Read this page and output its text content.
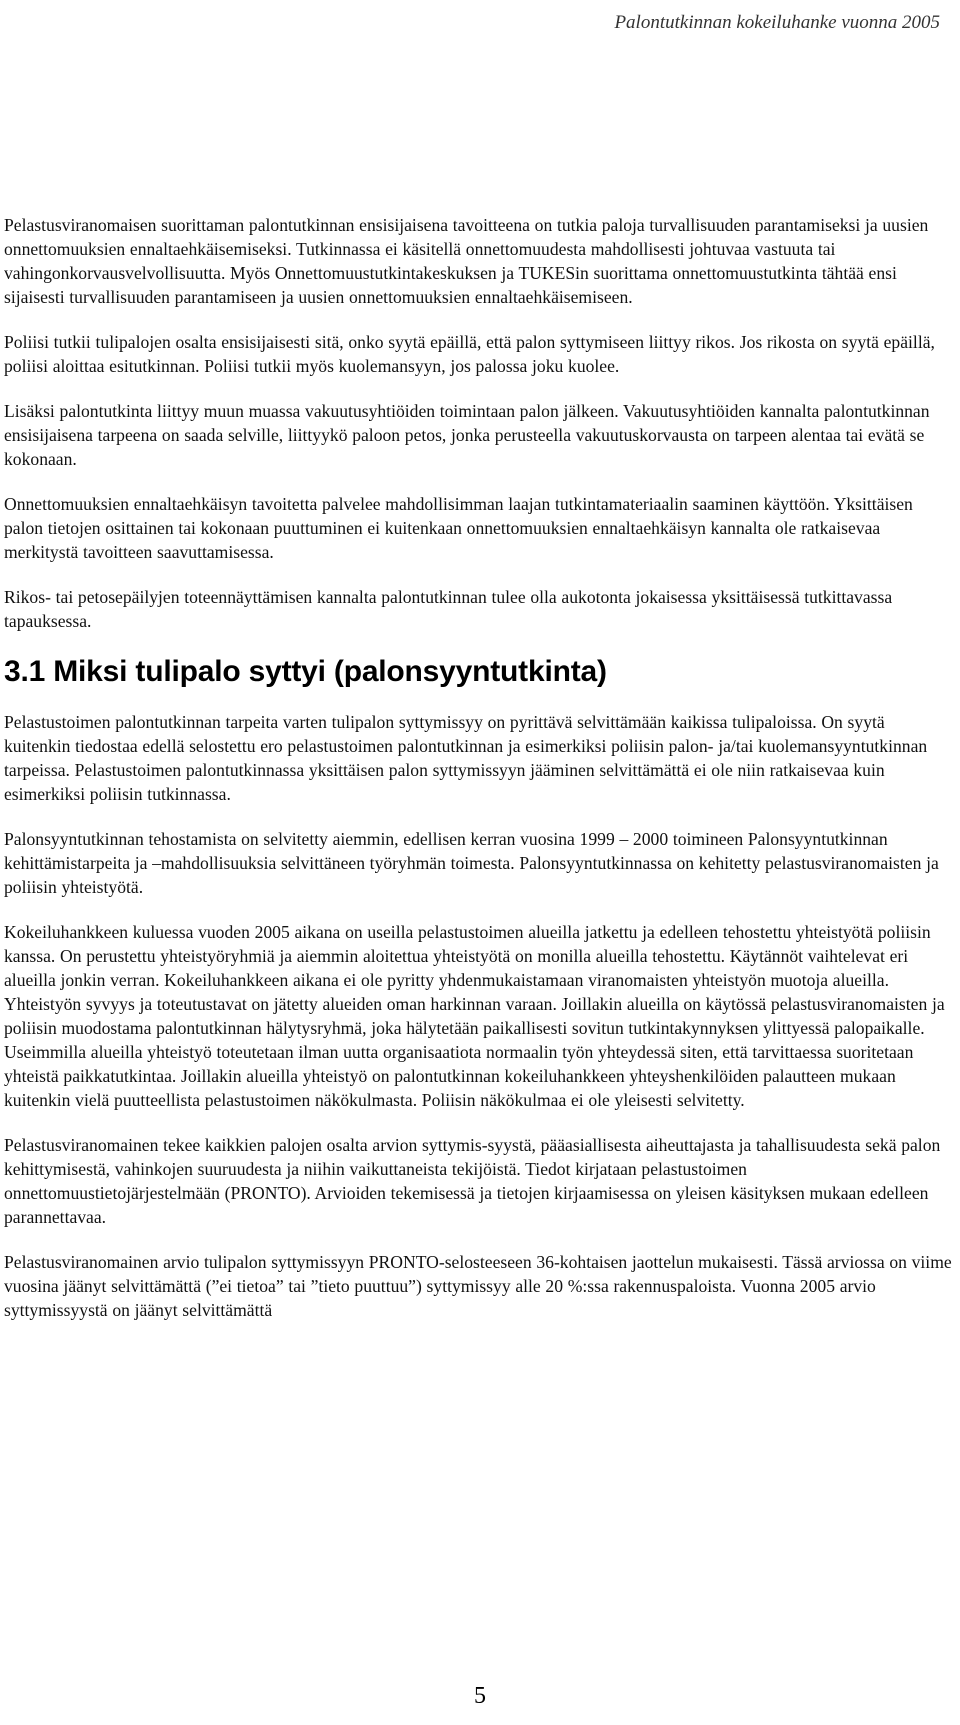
Palontutkinnan kokeiluhanke vuonna 2005

Pelastusviranomaisen suorittaman palontutkinnan ensisijaisena tavoitteena on tutkia paloja turvallisuuden parantamiseksi ja uusien onnettomuuksien ennaltaehkäisemiseksi. Tutkinnassa ei käsitellä onnettomuudesta mahdollisesti johtuvaa vastuuta tai vahingonkorvausvelvollisuutta. Myös Onnettomuustutkintakeskuksen ja TUKESin suorittama onnettomuustutkinta tähtää ensi sijaisesti turvallisuuden parantamiseen ja uusien onnettomuuksien ennaltaehkäisemiseen.

Poliisi tutkii tulipalojen osalta ensisijaisesti sitä, onko syytä epäillä, että palon syttymiseen liittyy rikos. Jos rikosta on syytä epäillä, poliisi aloittaa esitutkinnan. Poliisi tutkii myös kuolemansyyn, jos palossa joku kuolee.

Lisäksi palontutkinta liittyy muun muassa vakuutusyhtiöiden toimintaan palon jälkeen. Vakuutusyhtiöiden kannalta palontutkinnan ensisijaisena tarpeena on saada selville, liittyykö paloon petos, jonka perusteella vakuutuskorvausta on tarpeen alentaa tai evätä se kokonaan.

Onnettomuuksien ennaltaehkäisyn tavoitetta palvelee mahdollisimman laajan tutkintamateriaalin saaminen käyttöön. Yksittäisen palon tietojen osittainen tai kokonaan puuttuminen ei kuitenkaan onnettomuuksien ennaltaehkäisyn kannalta ole ratkaisevaa merkitystä tavoitteen saavuttamisessa.

Rikos- tai petosepäilyjen toteennäyttämisen kannalta palontutkinnan tulee olla aukotonta jokaisessa yksittäisessä tutkittavassa tapauksessa.

3.1 Miksi tulipalo syttyi (palonsyyntutkinta)

Pelastustoimen palontutkinnan tarpeita varten tulipalon syttymissyy on pyrittävä selvittämään kaikissa tulipaloissa. On syytä kuitenkin tiedostaa edellä selostettu ero pelastustoimen palontutkinnan ja esimerkiksi poliisin palon- ja/tai kuolemansyyntutkinnan tarpeissa. Pelastustoimen palontutkinnassa yksittäisen palon syttymissyyn jääminen selvittämättä ei ole niin ratkaisevaa kuin esimerkiksi poliisin tutkinnassa.

Palonsyyntutkinnan tehostamista on selvitetty aiemmin, edellisen kerran vuosina 1999 – 2000 toimineen Palonsyyntutkinnan kehittämistarpeita ja –mahdollisuuksia selvittäneen työryhmän toimesta. Palonsyyntutkinnassa on kehitetty pelastusviranomaisten ja poliisin yhteistyötä.

Kokeiluhankkeen kuluessa vuoden 2005 aikana on useilla pelastustoimen alueilla jatkettu ja edelleen tehostettu yhteistyötä poliisin kanssa. On perustettu yhteistyöryhmiä ja aiemmin aloitettua yhteistyötä on monilla alueilla tehostettu. Käytännöt vaihtelevat eri alueilla jonkin verran. Kokeiluhankkeen aikana ei ole pyritty yhdenmukaistamaan viranomaisten yhteistyön muotoja alueilla. Yhteistyön syvyys ja toteutustavat on jätetty alueiden oman harkinnan varaan. Joillakin alueilla on käytössä pelastusviranomaisten ja poliisin muodostama palontutkinnan hälytysryhmä, joka hälytetään paikallisesti sovitun tutkintakynnyksen ylittyessä palopaikalle. Useimmilla alueilla yhteistyö toteutetaan ilman uutta organisaatiota normaalin työn yhteydessä siten, että tarvittaessa suoritetaan yhteistä paikkatutkintaa. Joillakin alueilla yhteistyö on palontutkinnan kokeiluhankkeen yhteyshenkilöiden palautteen mukaan kuitenkin vielä puutteellista pelastustoimen näkökulmasta. Poliisin näkökulmaa ei ole yleisesti selvitetty.

Pelastusviranomainen tekee kaikkien palojen osalta arvion syttymis-syystä, pääasiallisesta aiheuttajasta ja tahallisuudesta sekä palon kehittymisestä, vahinkojen suuruudesta ja niihin vaikuttaneista tekijöistä. Tiedot kirjataan pelastustoimen onnettomuustietojärjestelmään (PRONTO). Arvioiden tekemisessä ja tietojen kirjaamisessa on yleisen käsityksen mukaan edelleen parannettavaa.

Pelastusviranomainen arvio tulipalon syttymissyyn PRONTO-selosteeseen 36-kohtaisen jaottelun mukaisesti. Tässä arviossa on viime vuosina jäänyt selvittämättä (”ei tietoa” tai ”tieto puuttuu”) syttymissyy alle 20 %:ssa rakennuspaloista. Vuonna 2005 arvio syttymissyystä on jäänyt selvittämättä

5
